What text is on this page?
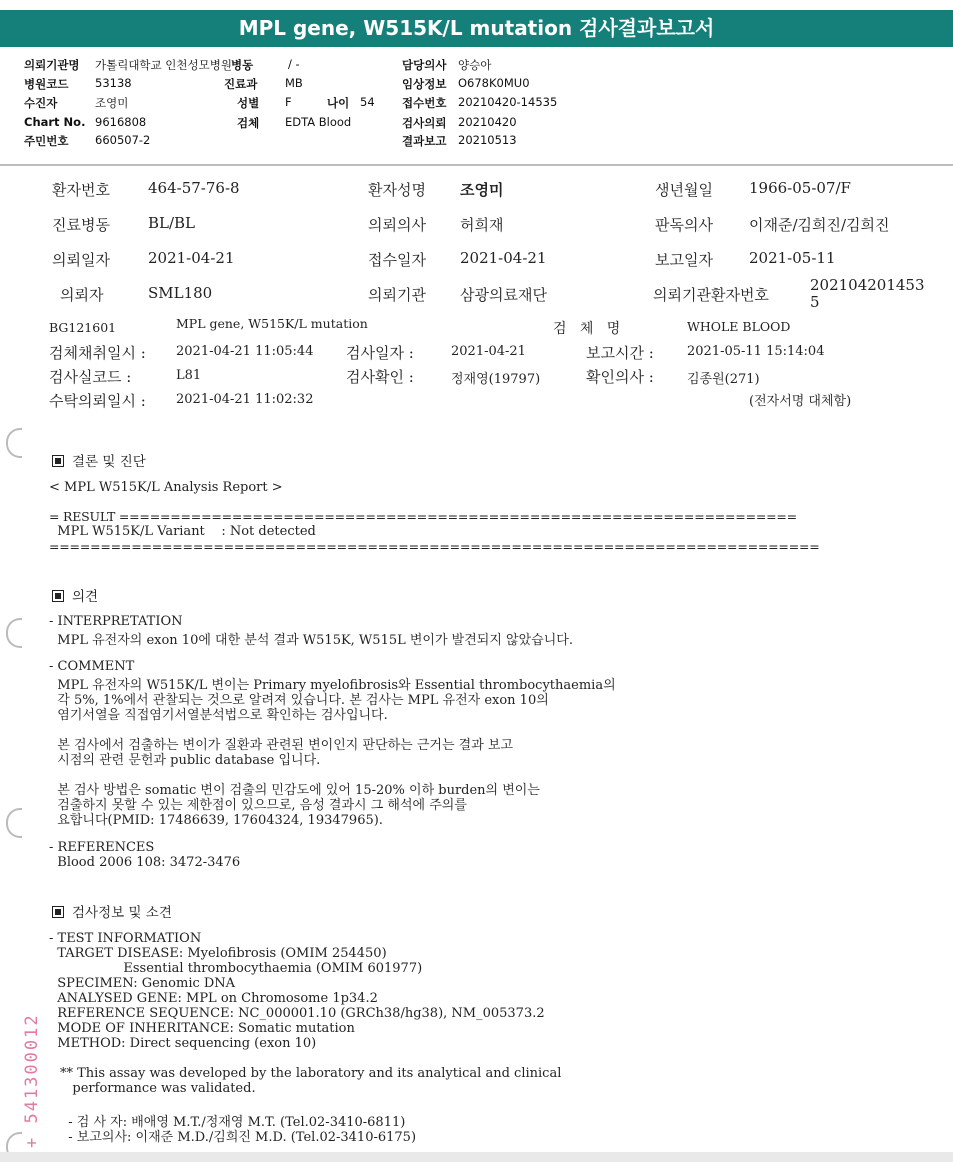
MPL gene, W515K/L mutation 검사결과보고서
의뢰기관명 가톨릭대학교 인천성모병원 병동	/ -	담당의사 양승아
병원코드 53138	진료과 MB	임상정보 O678K0MU0
수진자	조영미	성별 F	나이 54 접수번호 20210420-14535
Chart No. 9616808	검체 EDTA Blood	검사의뢰 20210420
주민번호 660507-2	결과보고 20210513
환자번호	464-57-76-8	환자성명 조영미	생년월일 1966-05-07/F
진료병동	BL/BL	의뢰의사 허희재	판독의사 이재준/김희진/김희진
의뢰일자	2021-04-21	접수일자 2021-04-21	보고일자 2021-05-11
의뢰자	SML180	의뢰기관 삼광의료재단	의뢰기관환자번호
202104201453
5
BG121601	MPL gene, W515K/L mutation	검   체   명	WHOLE BLOOD
검체채취일시 : 2021-04-21 11:05:44 검사일자 :	2021-04-21	보고시간 :	2021-05-11 15:14:04
검사실코드 :	L81	검사확인 :	정재영(19797)	확인의사 :	김종원(271)
수탁의뢰일시 : 2021-04-21 11:02:32	(전자서명 대체함)
결론 및 진단
< MPL W515K/L Analysis Report >
= RESULT ==================================================================
MPL W515K/L Variant    : Not detected
===========================================================================
의견
- INTERPRETATION
MPL 유전자의 exon 10에 대한 분석 결과 W515K, W515L 변이가 발견되지 않았습니다.
- COMMENT
MPL 유전자의 W515K/L 변이는 Primary myelofibrosis와 Essential thrombocythaemia의
각 5%, 1%에서 관찰되는 것으로 알려져 있습니다. 본 검사는 MPL 유전자 exon 10의
염기서열을 직접염기서열분석법으로 확인하는 검사입니다.
본 검사에서 검출하는 변이가 질환과 관련된 변이인지 판단하는 근거는 결과 보고
시점의 관련 문헌과 public database 입니다.
본 검사 방법은 somatic 변이 검출의 민감도에 있어 15-20% 이하 burden의 변이는
검출하지 못할 수 있는 제한점이 있으므로, 음성 결과시 그 해석에 주의를
요합니다(PMID: 17486639, 17604324, 19347965).
- REFERENCES
Blood 2006 108: 3472-3476
검사정보 및 소견
- TEST INFORMATION
TARGET DISEASE: Myelofibrosis (OMIM 254450)
Essential thrombocythaemia (OMIM 601977)
SPECIMEN: Genomic DNA
ANALYSED GENE: MPL on Chromosome 1p34.2
REFERENCE SEQUENCE: NC_000001.10 (GRCh38/hg38), NM_005373.2
MODE OF INHERITANCE: Somatic mutation
METHOD: Direct sequencing (exon 10)
** This assay was developed by the laboratory and its analytical and clinical
performance was validated.
- 검 사 자: 배애영 M.T./정재영 M.T. (Tel.02-3410-6811)
- 보고의사: 이재준 M.D./김희진 M.D. (Tel.02-3410-6175)
+ 541300012
